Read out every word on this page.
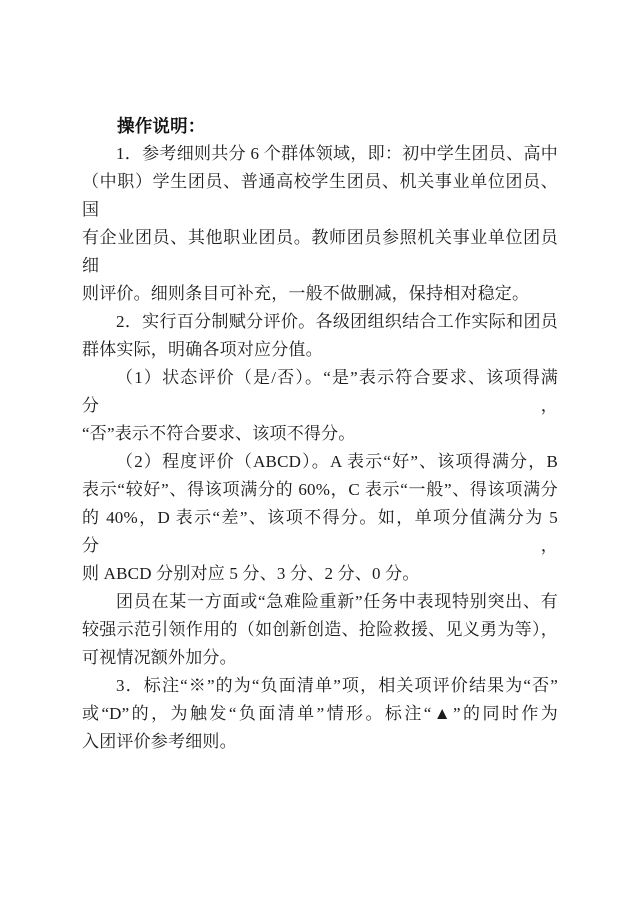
操作说明：
1．参考细则共分 6 个群体领域，即：初中学生团员、高中
（中职）学生团员、普通高校学生团员、机关事业单位团员、国
有企业团员、其他职业团员。教师团员参照机关事业单位团员细
则评价。细则条目可补充，一般不做删减，保持相对稳定。
2．实行百分制赋分评价。各级团组织结合工作实际和团员
群体实际，明确各项对应分值。
（1）状态评价（是/否）。“是”表示符合要求、该项得满分，
“否”表示不符合要求、该项不得分。
（2）程度评价（ABCD）。A 表示“好”、该项得满分，B
表示“较好”、得该项满分的 60%，C 表示“一般”、得该项满分
的 40%，D 表示“差”、该项不得分。如，单项分值满分为 5 分，
则 ABCD 分别对应 5 分、3 分、2 分、0 分。
团员在某一方面或“急难险重新”任务中表现特别突出、有
较强示范引领作用的（如创新创造、抢险救援、见义勇为等），
可视情况额外加分。
3．标注“※”的为“负面清单”项，相关项评价结果为“否”
或“D”的，为触发“负面清单”情形。标注“▲”的同时作为
入团评价参考细则。
